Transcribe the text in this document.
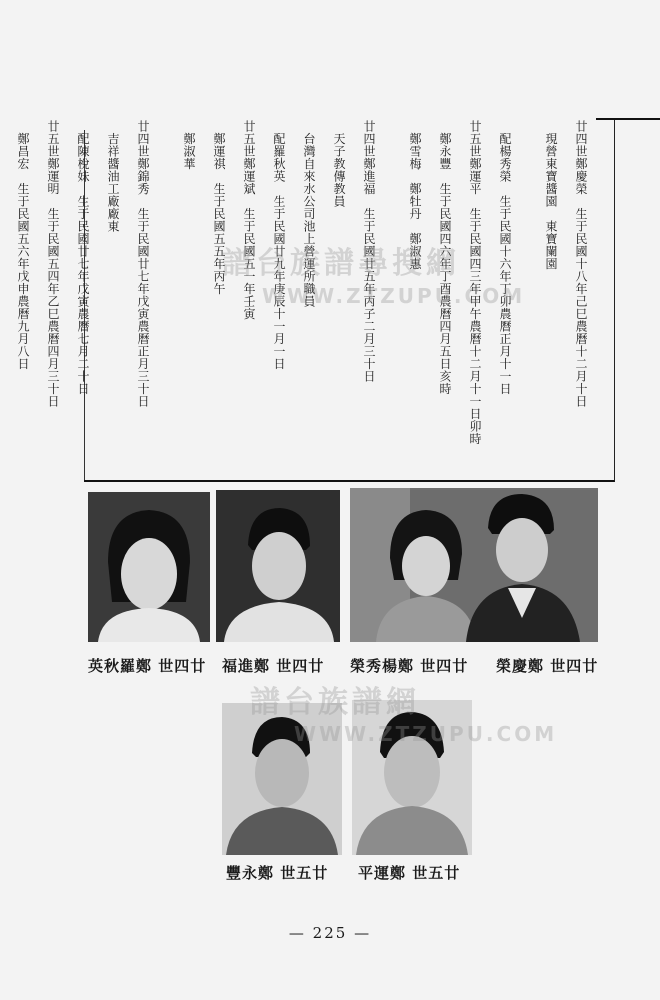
廿四世鄭慶榮　生于民國十八年己巳農曆十二月十日
　現營東寶醬園　東寶闌園
　配楊秀榮　生于民國十六年丁卯農曆正月十一日
廿五世鄭運平　生于民國四三年甲午農曆十二月十一日卯時
　鄭永豐　生于民國四六年丁酉農曆四月五日亥時
　鄭雪梅　鄭牡丹　鄭淑惠
廿四世鄭進福　生于民國廿五年丙子二月三十日
　天子教傳教員
　台灣自來水公司池上營運所職員
　配羅秋英　生于民國廿九年庚辰十一月一日
廿五世鄭運斌　生于民國五一年壬寅
　鄭運祺　生于民國五五年丙午
　鄭淑華
廿四世鄭錦秀　生于民國廿七年戊寅農曆正月三十日
　吉祥醬油工廠廠東
　配陳梲妹　生于民國廿七年戊寅農曆七月二十日
廿五世鄭運明　生于民國五四年乙巳農曆四月三十日
　鄭昌宏　生于民國五六年戊申農曆九月八日
英秋羅鄭 世四廿 福進鄭 世四廿 榮秀楊鄭 世四廿 榮慶鄭 世四廿
豐永鄭 世五廿 平運鄭 世五廿
譜台族譜尋搜網
WWW.ZTZUPU.COM
譜台族譜網
WWW.ZTZUPU.COM
— 225 —
